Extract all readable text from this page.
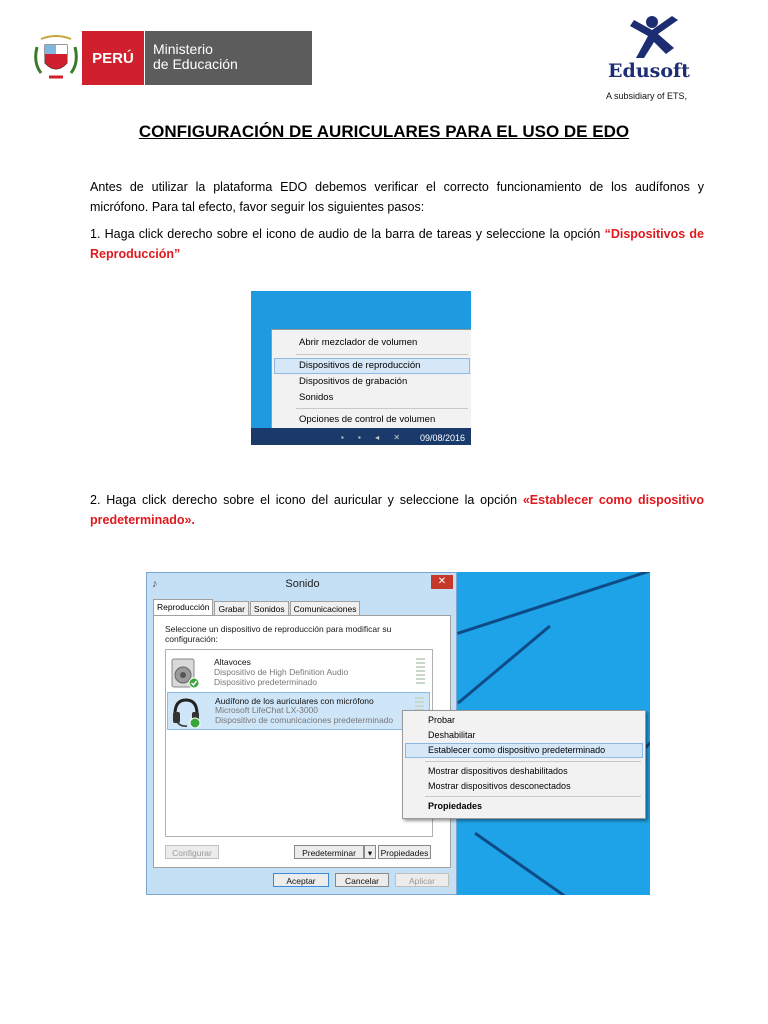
PERÚ
Ministerio
de Educación	Edusoft
A subsidiary of ETS,
CONFIGURACIÓN DE AURICULARES PARA EL USO DE EDO
Antes de utilizar la plataforma EDO debemos verificar el correcto funcionamiento de los audífonos y micrófono. Para tal efecto, favor seguir los siguientes pasos:
1. Haga click derecho sobre el icono de audio de la barra de tareas y seleccione la opción “Dispositivos de Reproducción”
Abrir mezclador de volumen
Dispositivos de reproducción
Dispositivos de grabación
Sonidos
Opciones de control de volumen
▪ ▪ ◂ ✕ 09/08/2016
2. Haga click derecho sobre el icono del auricular y seleccione la opción «Establecer como dispositivo predeterminado».
♪	Sonido	✕
Reproducción	Grabar	Sonidos	Comunicaciones
Seleccione un dispositivo de reproducción para modificar su configuración:
Altavoces
Dispositivo de High Definition Audio
Dispositivo predeterminado
Audífono de los auriculares con micrófono
Microsoft LifeChat LX-3000
Dispositivo de comunicaciones predeterminado
Configurar	Predeterminar	▾ Propiedades
Aceptar	Cancelar	Aplicar
Probar
Deshabilitar
Establecer como dispositivo predeterminado
Mostrar dispositivos deshabilitados
Mostrar dispositivos desconectados
Propiedades
